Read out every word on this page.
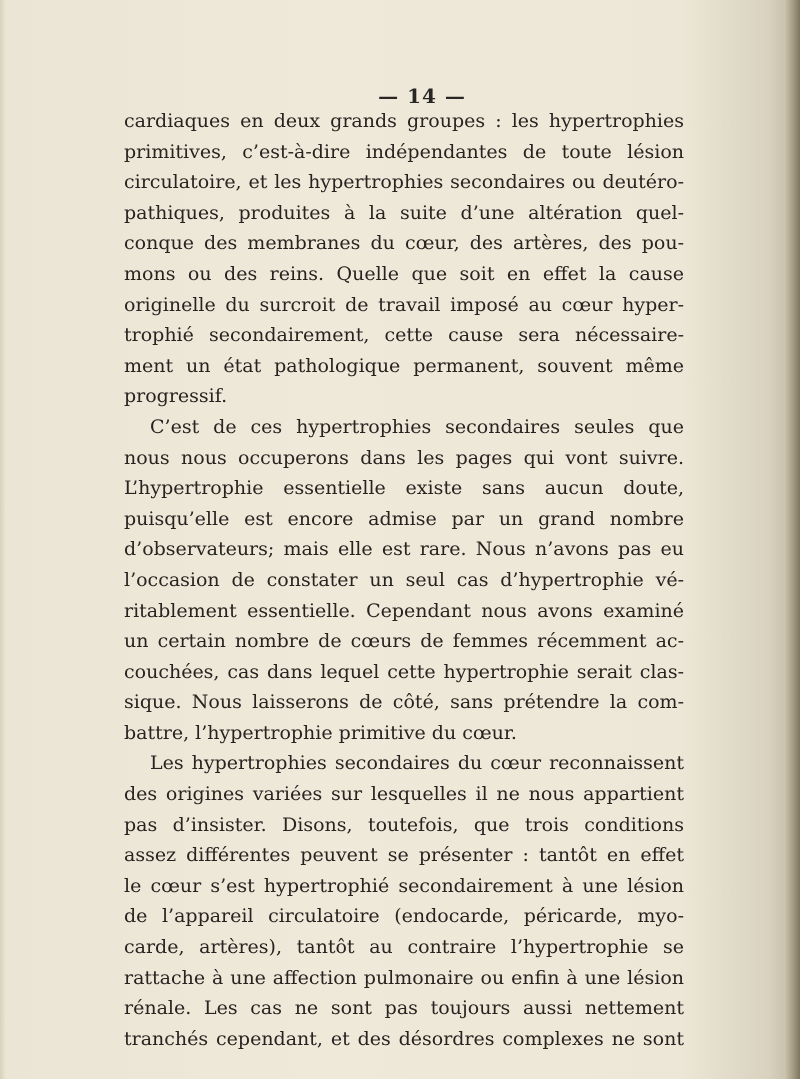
— 14 —
cardiaques en deux grands groupes : les hypertrophies
primitives, c’est-à-dire indépendantes de toute lésion
circulatoire, et les hypertrophies secondaires ou deutéro-
pathiques, produites à la suite d’une altération quel-
conque des membranes du cœur, des artères, des pou-
mons ou des reins. Quelle que soit en effet la cause
originelle du surcroit de travail imposé au cœur hyper-
trophié secondairement, cette cause sera nécessaire-
ment un état pathologique permanent, souvent même
progressif.
C’est de ces hypertrophies secondaires seules que
nous nous occuperons dans les pages qui vont suivre.
L’hypertrophie essentielle existe sans aucun doute,
puisqu’elle est encore admise par un grand nombre
d’observateurs; mais elle est rare. Nous n’avons pas eu
l’occasion de constater un seul cas d’hypertrophie vé-
ritablement essentielle. Cependant nous avons examiné
un certain nombre de cœurs de femmes récemment ac-
couchées, cas dans lequel cette hypertrophie serait clas-
sique. Nous laisserons de côté, sans prétendre la com-
battre, l’hypertrophie primitive du cœur.
Les hypertrophies secondaires du cœur reconnaissent
des origines variées sur lesquelles il ne nous appartient
pas d’insister. Disons, toutefois, que trois conditions
assez différentes peuvent se présenter : tantôt en effet
le cœur s’est hypertrophié secondairement à une lésion
de l’appareil circulatoire (endocarde, péricarde, myo-
carde, artères), tantôt au contraire l’hypertrophie se
rattache à une affection pulmonaire ou enfin à une lésion
rénale. Les cas ne sont pas toujours aussi nettement
tranchés cependant, et des désordres complexes ne sont
